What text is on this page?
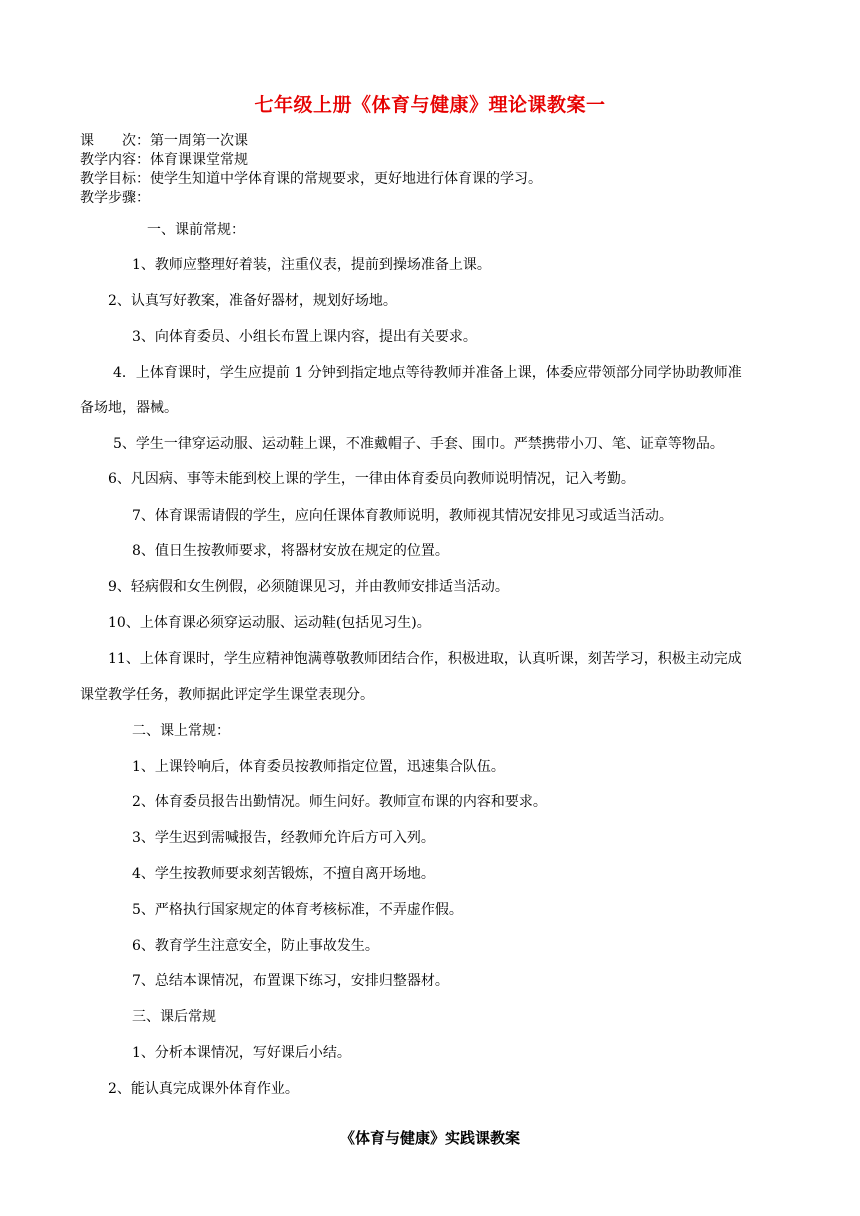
七年级上册《体育与健康》理论课教案一
课　　次：第一周第一次课
教学内容：体育课课堂常规
教学目标：使学生知道中学体育课的常规要求，更好地进行体育课的学习。
教学步骤：
一、课前常规：
1、教师应整理好着装，注重仪表，提前到操场准备上课。
2、认真写好教案，准备好器材，规划好场地。
3、向体育委员、小组长布置上课内容，提出有关要求。
4．上体育课时，学生应提前 1 分钟到指定地点等待教师并准备上课，体委应带领部分同学协助教师准
备场地，器械。
5、学生一律穿运动服、运动鞋上课，不准戴帽子、手套、围巾。严禁携带小刀、笔、证章等物品。
6、凡因病、事等未能到校上课的学生，一律由体育委员向教师说明情况，记入考勤。
7、体育课需请假的学生，应向任课体育教师说明，教师视其情况安排见习或适当活动。
8、值日生按教师要求，将器材安放在规定的位置。
9、轻病假和女生例假，必须随课见习，并由教师安排适当活动。
10、上体育课必须穿运动服、运动鞋(包括见习生)。
11、上体育课时，学生应精神饱满尊敬教师团结合作，积极进取，认真听课，刻苦学习，积极主动完成
课堂教学任务，教师据此评定学生课堂表现分。
二、课上常规：
1、上课铃响后，体育委员按教师指定位置，迅速集合队伍。
2、体育委员报告出勤情况。师生问好。教师宣布课的内容和要求。
3、学生迟到需喊报告，经教师允许后方可入列。
4、学生按教师要求刻苦锻炼，不擅自离开场地。
5、严格执行国家规定的体育考核标准，不弄虚作假。
6、教育学生注意安全，防止事故发生。
7、总结本课情况，布置课下练习，安排归整器材。
三、课后常规
1、分析本课情况，写好课后小结。
2、能认真完成课外体育作业。
《体育与健康》实践课教案
